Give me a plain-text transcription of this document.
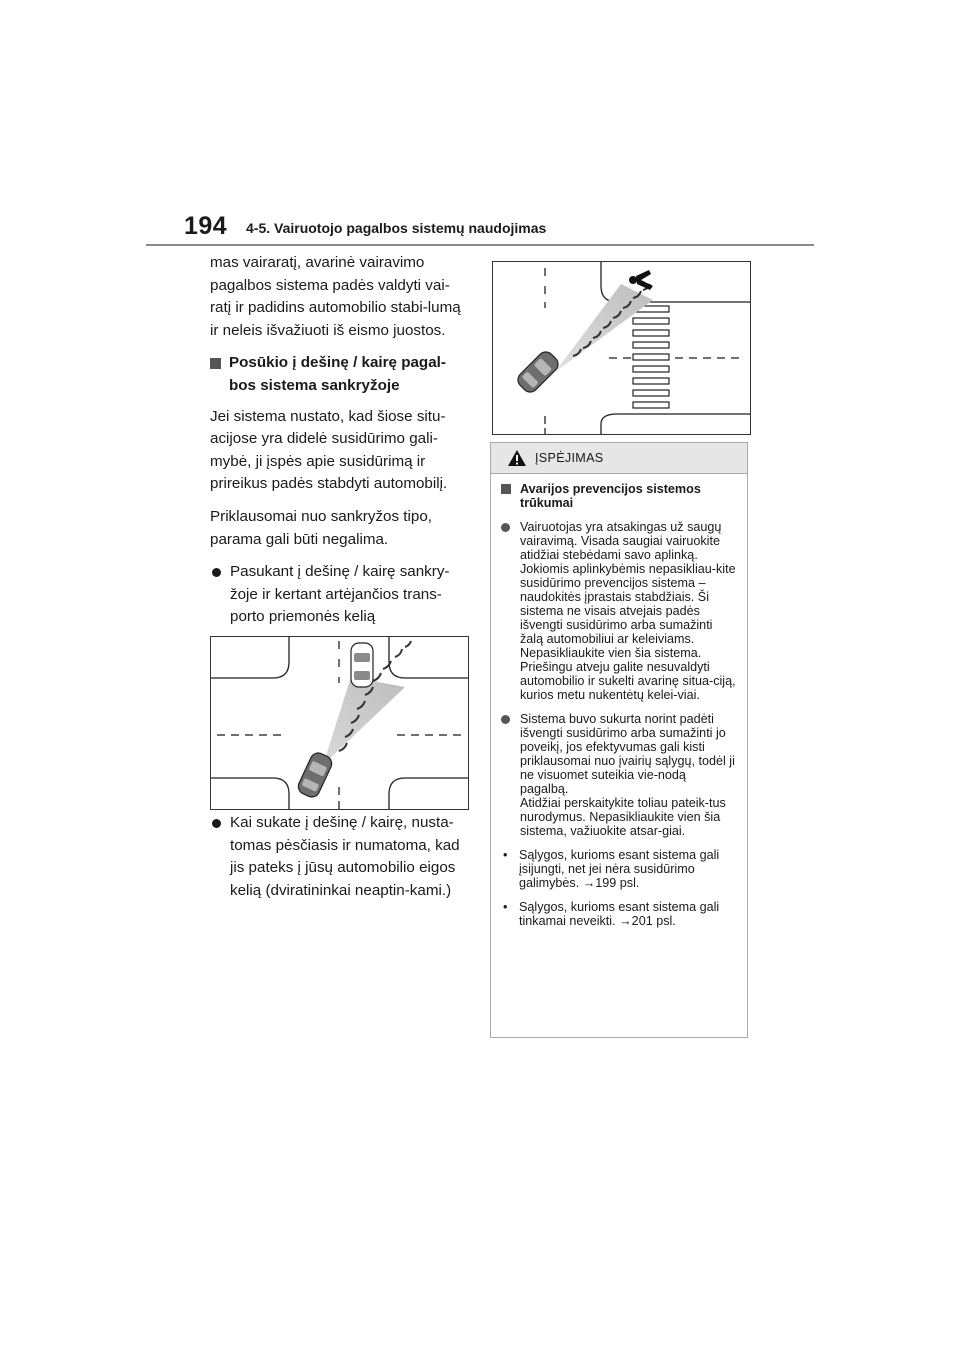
194 4-5. Vairuotojo pagalbos sistemų naudojimas

mas vairaratį, avarinė vairavimo pagalbos sistema padės valdyti vai-ratį ir padidins automobilio stabi-lumą ir neleis išvažiuoti iš eismo juostos.

Posūkio į dešinę / kairę pagal-bos sistema sankryžoje

Jei sistema nustato, kad šiose situ-acijose yra didelė susidūrimo gali-mybė, ji įspės apie susidūrimą ir prireikus padės stabdyti automobilį.

Priklausomai nuo sankryžos tipo, parama gali būti negalima.

Pasukant į dešinę / kairę sankry-žoje ir kertant artėjančios trans-porto priemonės kelią
Kai sukate į dešinę / kairę, nusta-tomas pėsčiasis ir numatoma, kad jis pateks į jūsų automobilio eigos kelią (dviratininkai neaptin-kami.)
ĮSPĖJIMAS
Avarijos prevencijos sistemos trūkumai
Vairuotojas yra atsakingas už saugų vairavimą. Visada saugiai vairuokite atidžiai stebėdami savo aplinką.
Jokiomis aplinkybėmis nepasikliau-kite susidūrimo prevencijos sistema – naudokitės įprastais stabdžiais. Ši sistema ne visais atvejais padės išvengti susidūrimo arba sumažinti žalą automobiliui ar keleiviams. Nepasikliaukite vien šia sistema. Priešingu atveju galite nesuvaldyti automobilio ir sukelti avarinę situa-ciją, kurios metu nukentėtų kelei-viai.
Sistema buvo sukurta norint padėti išvengti susidūrimo arba sumažinti jo poveikį, jos efektyvumas gali kisti priklausomai nuo įvairių sąlygų, todėl ji ne visuomet suteikia vie-nodą pagalbą.
Atidžiai perskaitykite toliau pateik-tus nurodymus. Nepasikliaukite vien šia sistema, važiuokite atsar-giai.
• Sąlygos, kurioms esant sistema gali įsijungti, net jei nėra susidūrimo galimybės. →199 psl.
• Sąlygos, kurioms esant sistema gali tinkamai neveikti. →201 psl.
